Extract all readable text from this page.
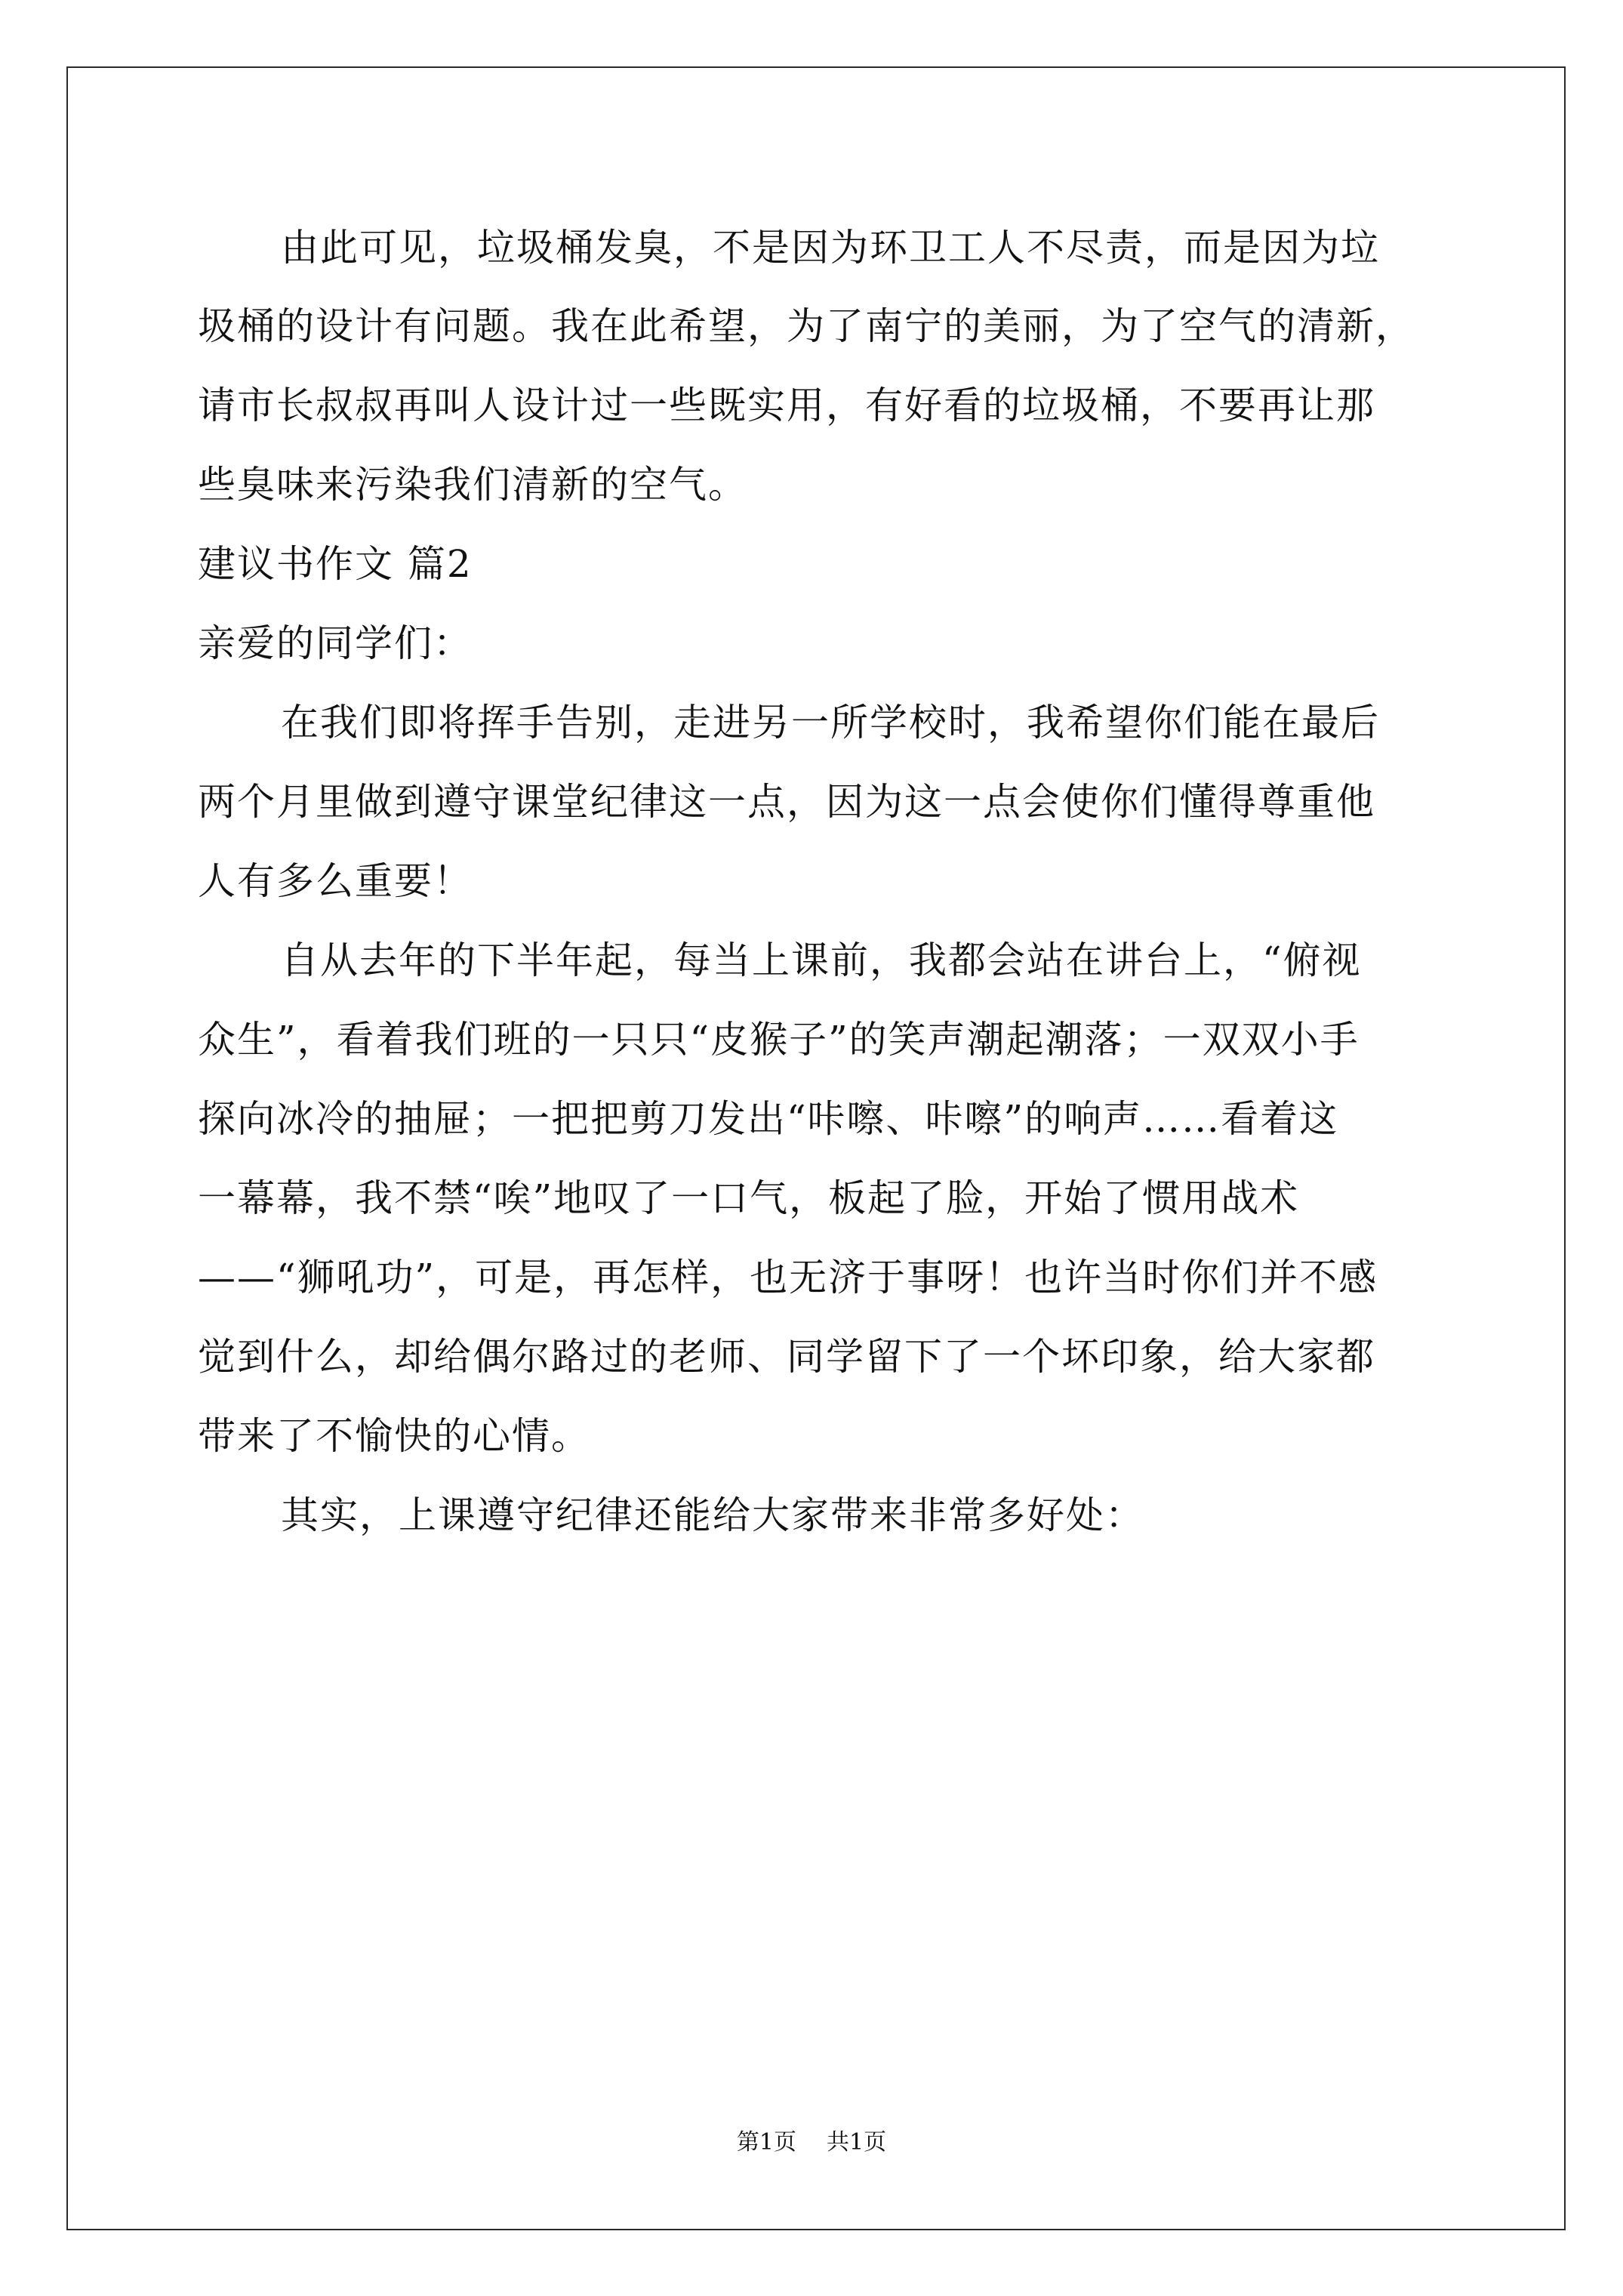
由此可见，垃圾桶发臭，不是因为环卫工人不尽责，而是因为垃
圾桶的设计有问题。我在此希望，为了南宁的美丽，为了空气的清新，
请市长叔叔再叫人设计过一些既实用，有好看的垃圾桶，不要再让那
些臭味来污染我们清新的空气。
建议书作文 篇2
亲爱的同学们：
在我们即将挥手告别，走进另一所学校时，我希望你们能在最后
两个月里做到遵守课堂纪律这一点，因为这一点会使你们懂得尊重他
人有多么重要！
自从去年的下半年起，每当上课前，我都会站在讲台上，“俯视
众生”，看着我们班的一只只“皮猴子”的笑声潮起潮落；一双双小手
探向冰冷的抽屉；一把把剪刀发出“咔嚓、咔嚓”的响声……看着这
一幕幕，我不禁“唉”地叹了一口气，板起了脸，开始了惯用战术
——“狮吼功”，可是，再怎样，也无济于事呀！也许当时你们并不感
觉到什么，却给偶尔路过的老师、同学留下了一个坏印象，给大家都
带来了不愉快的心情。
其实，上课遵守纪律还能给大家带来非常多好处：
第1页 共1页
